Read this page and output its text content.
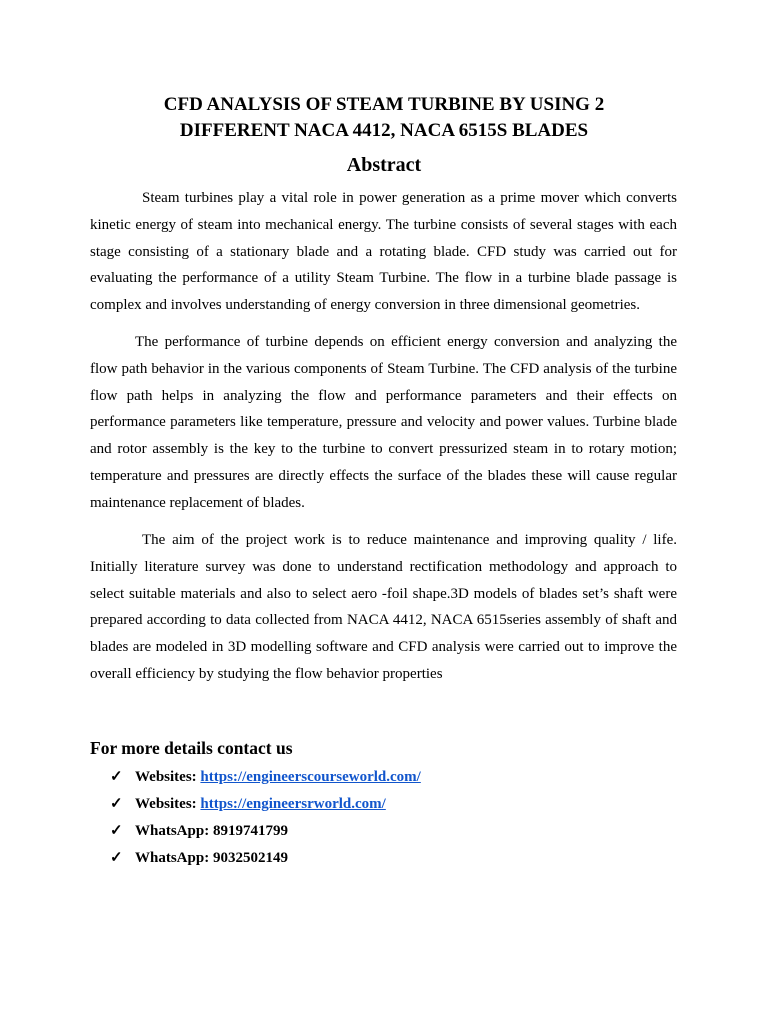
CFD ANALYSIS OF STEAM TURBINE BY USING 2
DIFFERENT NACA 4412, NACA 6515S BLADES
Abstract

Steam turbines play a vital role in power generation as a prime mover which converts kinetic energy of steam into mechanical energy. The turbine consists of several stages with each stage consisting of a stationary blade and a rotating blade. CFD study was carried out for evaluating the performance of a utility Steam Turbine. The flow in a turbine blade passage is complex and involves understanding of energy conversion in three dimensional geometries.

The performance of turbine depends on efficient energy conversion and analyzing the flow path behavior in the various components of Steam Turbine. The CFD analysis of the turbine flow path helps in analyzing the flow and performance parameters and their effects on performance parameters like temperature, pressure and velocity and power values. Turbine blade and rotor assembly is the key to the turbine to convert pressurized steam in to rotary motion; temperature and pressures are directly effects the surface of the blades these will cause regular maintenance replacement of blades.

The aim of the project work is to reduce maintenance and improving quality / life. Initially literature survey was done to understand rectification methodology and approach to select suitable materials and also to select aero -foil shape.3D models of blades set’s shaft were prepared according to data collected from NACA 4412, NACA 6515series assembly of shaft and blades are modeled in 3D modelling software and CFD analysis were carried out to improve the overall efficiency by studying the flow behavior properties

For more details contact us
✓ Websites: https://engineerscourseworld.com/
✓ Websites: https://engineersrworld.com/
✓ WhatsApp: 8919741799
✓ WhatsApp: 9032502149
